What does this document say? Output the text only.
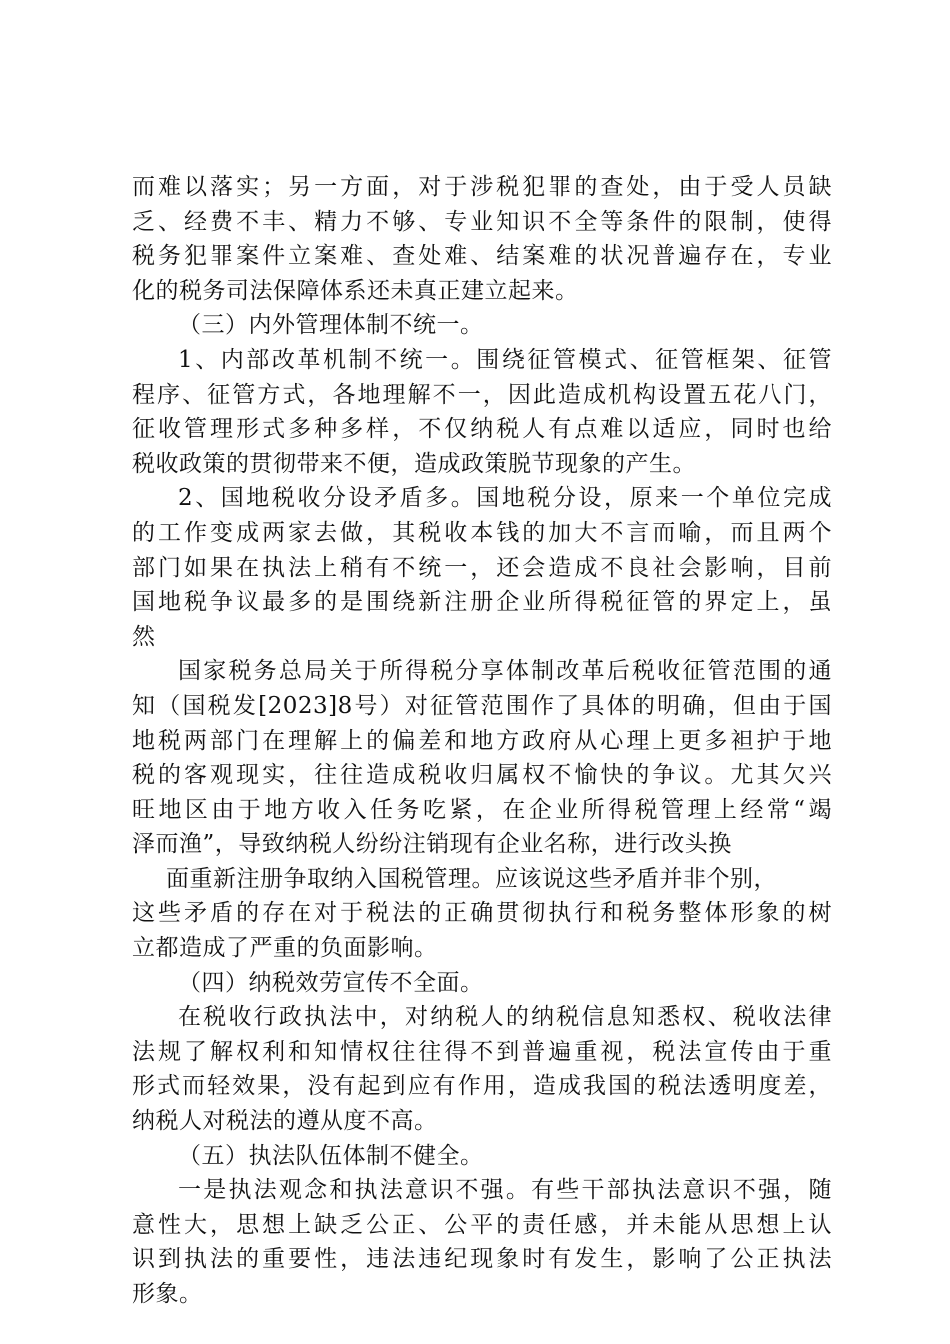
而难以落实；另一方面，对于涉税犯罪的查处，由于受人员缺
乏、经费不丰、精力不够、专业知识不全等条件的限制，使得
税务犯罪案件立案难、查处难、结案难的状况普遍存在，专业
化的税务司法保障体系还未真正建立起来。
（三）内外管理体制不统一。
1、内部改革机制不统一。围绕征管模式、征管框架、征管
程序、征管方式，各地理解不一，因此造成机构设置五花八门，
征收管理形式多种多样，不仅纳税人有点难以适应，同时也给
税收政策的贯彻带来不便，造成政策脱节现象的产生。
2、国地税收分设矛盾多。国地税分设，原来一个单位完成
的工作变成两家去做，其税收本钱的加大不言而喻，而且两个
部门如果在执法上稍有不统一，还会造成不良社会影响，目前
国地税争议最多的是围绕新注册企业所得税征管的界定上，虽
然
国家税务总局关于所得税分享体制改革后税收征管范围的通
知（国税发[2023]8号）对征管范围作了具体的明确，但由于国
地税两部门在理解上的偏差和地方政府从心理上更多袒护于地
税的客观现实，往往造成税收归属权不愉快的争议。尤其欠兴
旺地区由于地方收入任务吃紧，在企业所得税管理上经常“竭
泽而渔”，导致纳税人纷纷注销现有企业名称，进行改头换
面重新注册争取纳入国税管理。应该说这些矛盾并非个别，
这些矛盾的存在对于税法的正确贯彻执行和税务整体形象的树
立都造成了严重的负面影响。
（四）纳税效劳宣传不全面。
在税收行政执法中，对纳税人的纳税信息知悉权、税收法律
法规了解权利和知情权往往得不到普遍重视，税法宣传由于重
形式而轻效果，没有起到应有作用，造成我国的税法透明度差，
纳税人对税法的遵从度不高。
（五）执法队伍体制不健全。
一是执法观念和执法意识不强。有些干部执法意识不强，随
意性大，思想上缺乏公正、公平的责任感，并未能从思想上认
识到执法的重要性，违法违纪现象时有发生，影响了公正执法
形象。
